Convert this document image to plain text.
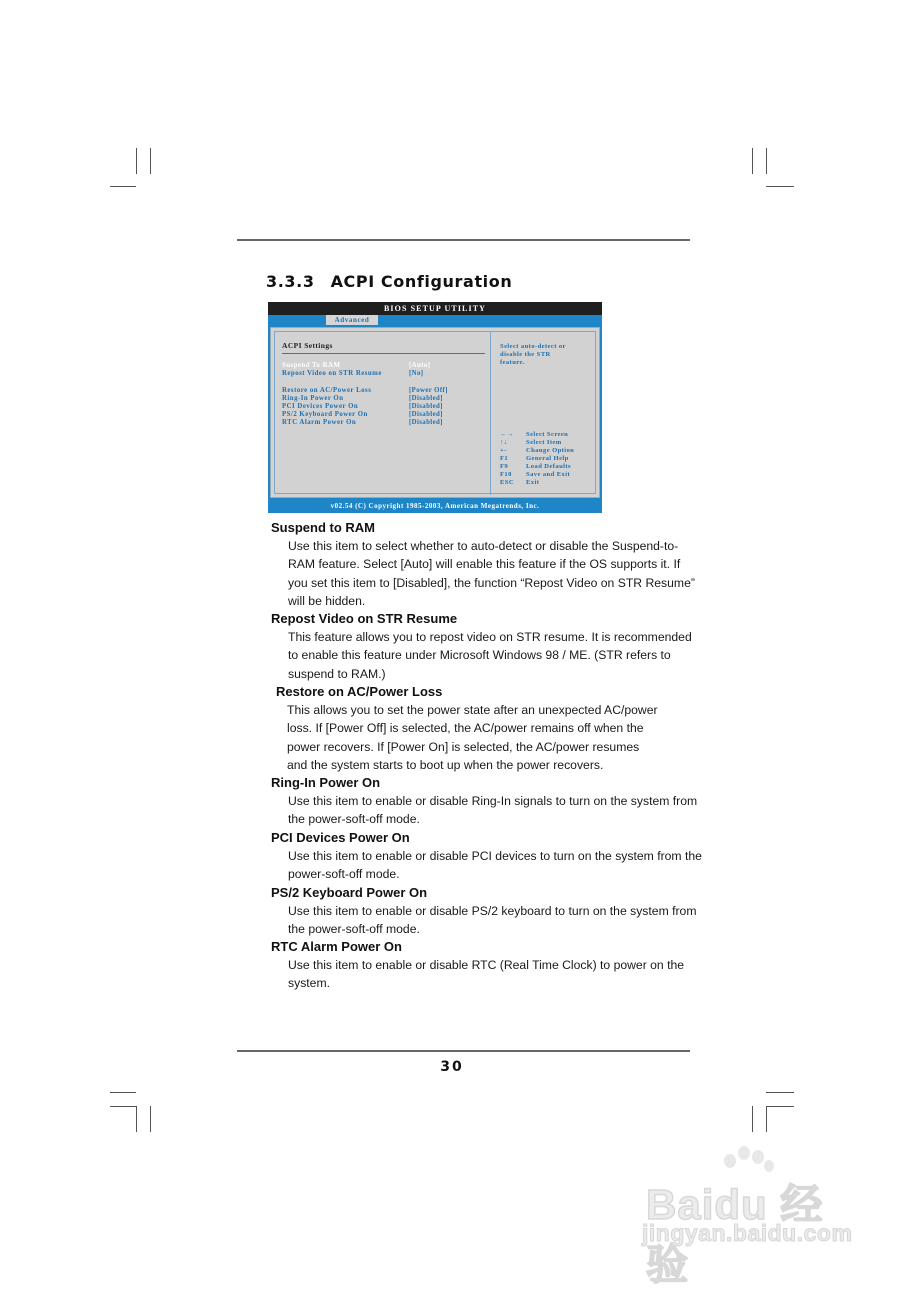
3.3.3 ACPI Configuration
BIOS SETUP UTILITY
Advanced
ACPI Settings
Suspend To RAM	[Auto]
Repost Video on STR Resume	[No]
Restore on AC/Power Loss	[Power Off]
Ring-In Power On	[Disabled]
PCI Devices Power On	[Disabled]
PS/2 Keyboard Power On	[Disabled]
RTC Alarm Power On	[Disabled]
Select auto-detect or
disable the STR
feature.
←→ Select Screen
↑↓	Select Item
+-	Change Option
F1	General Help
F9	Load Defaults
F10 Save and Exit
ESC Exit
v02.54 (C) Copyright 1985-2003, American Megatrends, Inc.
Suspend to RAM
Use this item to select whether to auto-detect or disable the Suspend-to-
RAM feature. Select [Auto] will enable this feature if the OS supports it. If
you set this item to [Disabled], the function “Repost Video on STR Resume”
will be hidden.
Repost Video on STR Resume
This feature allows you to repost video on STR resume. It is recommended
to enable this feature under Microsoft Windows 98 / ME. (STR refers to
suspend to RAM.)
Restore on AC/Power Loss
This allows you to set the power state after an unexpected AC/power
loss. If [Power Off] is selected, the AC/power remains off when the
power recovers. If [Power On] is selected, the AC/power resumes
and the system starts to boot up when the power recovers.
Ring-In Power On
Use this item to enable or disable Ring-In signals to turn on the system from
the power-soft-off mode.
PCI Devices Power On
Use this item to enable or disable PCI devices to turn on the system from the
power-soft-off mode.
PS/2 Keyboard Power On
Use this item to enable or disable PS/2 keyboard to turn on the system from
the power-soft-off mode.
RTC Alarm Power On
Use this item to enable or disable RTC (Real Time Clock) to power on the
system.
30
Baidu 经验
jingyan.baidu.com
